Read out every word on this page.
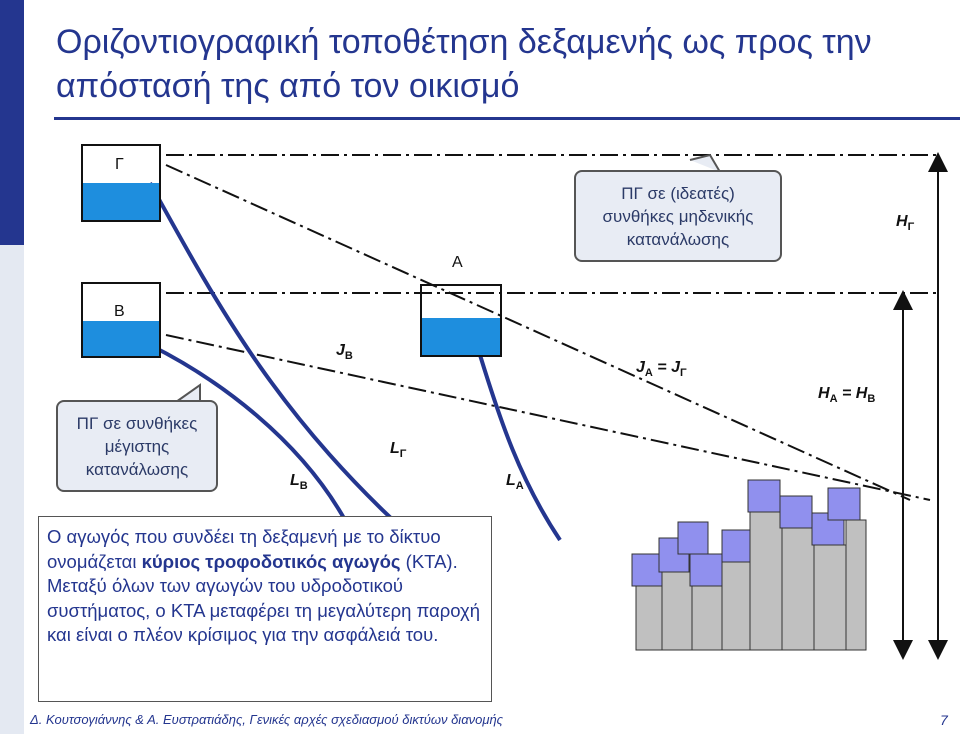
Οριζοντιογραφική τοποθέτηση δεξαμενής ως προς την απόστασή της από τον οικισμό
ΠΓ σε (ιδεατές)
συνθήκες μηδενικής
κατανάλωσης
ΠΓ σε συνθήκες
μέγιστης
κατανάλωσης
Γ
Β
Α
$H_\Gamma$
$J_B$
$L_\Gamma$
$L_B$	$L_A$
$J_A = J_\Gamma$
$H_A = H_B$
Ο αγωγός που συνδέει τη δεξαμενή με το δίκτυο ονομάζεται κύριος τροφοδοτικός αγωγός (ΚΤΑ). Μεταξύ όλων των αγωγών του υδροδοτικού συστήματος, ο ΚΤΑ μεταφέρει τη μεγαλύτερη παροχή και είναι ο πλέον κρίσιμος για την ασφάλειά του.
Δ. Κουτσογιάννης & Α. Ευστρατιάδης, Γενικές αρχές σχεδιασμού δικτύων διανομής	7
